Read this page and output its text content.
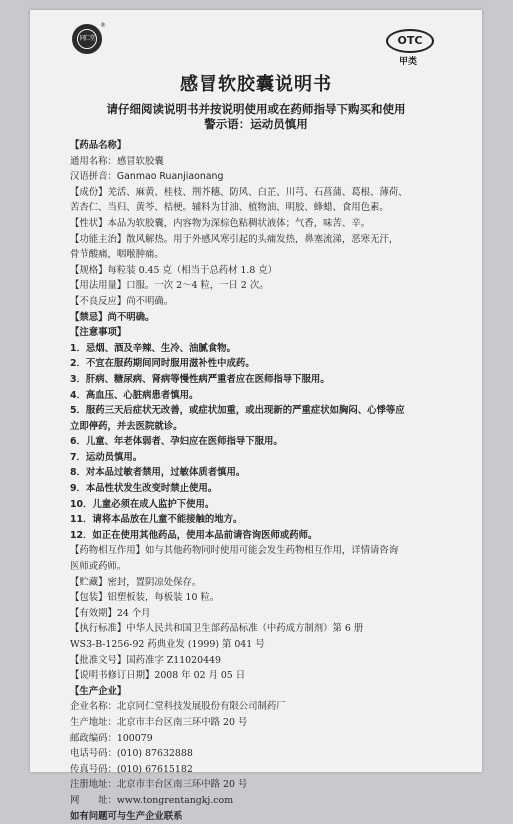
同仁堂
®
OTC
甲类
感冒软胶囊说明书
请仔细阅读说明书并按说明使用或在药师指导下购买和使用
警示语：运动员慎用
【药品名称】
通用名称：感冒软胶囊
汉语拼音：Ganmao Ruanjiaonang
【成份】羌活、麻黄、桂枝、荆芥穗、防风、白芷、川芎、石菖蒲、葛根、薄荷、
苦杏仁、当归、黄芩、桔梗。辅料为甘油、植物油、明胶、蜂蜡、食用色素。
【性状】本品为软胶囊，内容物为深棕色粘稠状液体；气香，味苦、辛。
【功能主治】散风解热。用于外感风寒引起的头痛发热，鼻塞流涕，恶寒无汗，
骨节酸痛，咽喉肿痛。
【规格】每粒装 0.45 克（相当于总药材 1.8 克）
【用法用量】口服。一次 2～4 粒，一日 2 次。
【不良反应】尚不明确。
【禁忌】尚不明确。
【注意事项】
1．忌烟、酒及辛辣、生冷、油腻食物。
2．不宜在服药期间同时服用滋补性中成药。
3．肝病、糖尿病、肾病等慢性病严重者应在医师指导下服用。
4．高血压、心脏病患者慎用。
5．服药三天后症状无改善，或症状加重，或出现新的严重症状如胸闷、心悸等应
立即停药，并去医院就诊。
6．儿童、年老体弱者、孕妇应在医师指导下服用。
7．运动员慎用。
8．对本品过敏者禁用，过敏体质者慎用。
9．本品性状发生改变时禁止使用。
10．儿童必须在成人监护下使用。
11．请将本品放在儿童不能接触的地方。
12．如正在使用其他药品，使用本品前请咨询医师或药师。
【药物相互作用】如与其他药物同时使用可能会发生药物相互作用，详情请咨询
医师或药师。
【贮藏】密封，置阴凉处保存。
【包装】铝塑板装，每板装 10 粒。
【有效期】24 个月
【执行标准】中华人民共和国卫生部药品标准（中药成方制剂）第 6 册
WS3-B-1256-92 药典业发 (1999) 第 041 号
【批准文号】国药准字 Z11020449
【说明书修订日期】2008 年 02 月 05 日
【生产企业】
企业名称：北京同仁堂科技发展股份有限公司制药厂
生产地址：北京市丰台区南三环中路 20 号
邮政编码：100079
电话号码：(010) 87632888
传真号码：(010) 67615182
注册地址：北京市丰台区南三环中路 20 号
网　　址：www.tongrentangkj.com
如有问题可与生产企业联系
